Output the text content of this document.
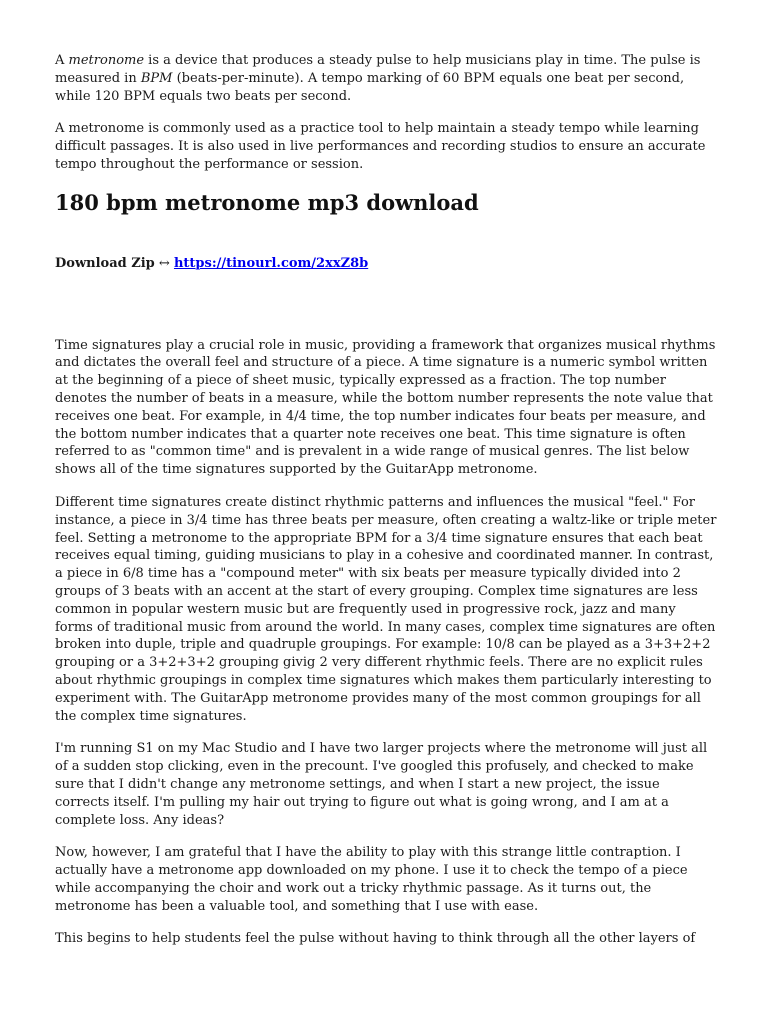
A metronome is a device that produces a steady pulse to help musicians play in time. The pulse is measured in BPM (beats-per-minute). A tempo marking of 60 BPM equals one beat per second, while 120 BPM equals two beats per second.

A metronome is commonly used as a practice tool to help maintain a steady tempo while learning difficult passages. It is also used in live performances and recording studios to ensure an accurate tempo throughout the performance or session.

180 bpm metronome mp3 download

Download Zip ↔ https://tinourl.com/2xxZ8b

Time signatures play a crucial role in music, providing a framework that organizes musical rhythms and dictates the overall feel and structure of a piece. A time signature is a numeric symbol written at the beginning of a piece of sheet music, typically expressed as a fraction. The top number denotes the number of beats in a measure, while the bottom number represents the note value that receives one beat. For example, in 4/4 time, the top number indicates four beats per measure, and the bottom number indicates that a quarter note receives one beat. This time signature is often referred to as "common time" and is prevalent in a wide range of musical genres. The list below shows all of the time signatures supported by the GuitarApp metronome.

Different time signatures create distinct rhythmic patterns and influences the musical "feel." For instance, a piece in 3/4 time has three beats per measure, often creating a waltz-like or triple meter feel. Setting a metronome to the appropriate BPM for a 3/4 time signature ensures that each beat receives equal timing, guiding musicians to play in a cohesive and coordinated manner. In contrast, a piece in 6/8 time has a "compound meter" with six beats per measure typically divided into 2 groups of 3 beats with an accent at the start of every grouping. Complex time signatures are less common in popular western music but are frequently used in progressive rock, jazz and many forms of traditional music from around the world. In many cases, complex time signatures are often broken into duple, triple and quadruple groupings. For example: 10/8 can be played as a 3+3+2+2 grouping or a 3+2+3+2 grouping givig 2 very different rhythmic feels. There are no explicit rules about rhythmic groupings in complex time signatures which makes them particularly interesting to experiment with. The GuitarApp metronome provides many of the most common groupings for all the complex time signatures.

I'm running S1 on my Mac Studio and I have two larger projects where the metronome will just all of a sudden stop clicking, even in the precount. I've googled this profusely, and checked to make sure that I didn't change any metronome settings, and when I start a new project, the issue corrects itself. I'm pulling my hair out trying to figure out what is going wrong, and I am at a complete loss. Any ideas?

Now, however, I am grateful that I have the ability to play with this strange little contraption. I actually have a metronome app downloaded on my phone. I use it to check the tempo of a piece while accompanying the choir and work out a tricky rhythmic passage. As it turns out, the metronome has been a valuable tool, and something that I use with ease.

This begins to help students feel the pulse without having to think through all the other layers of
